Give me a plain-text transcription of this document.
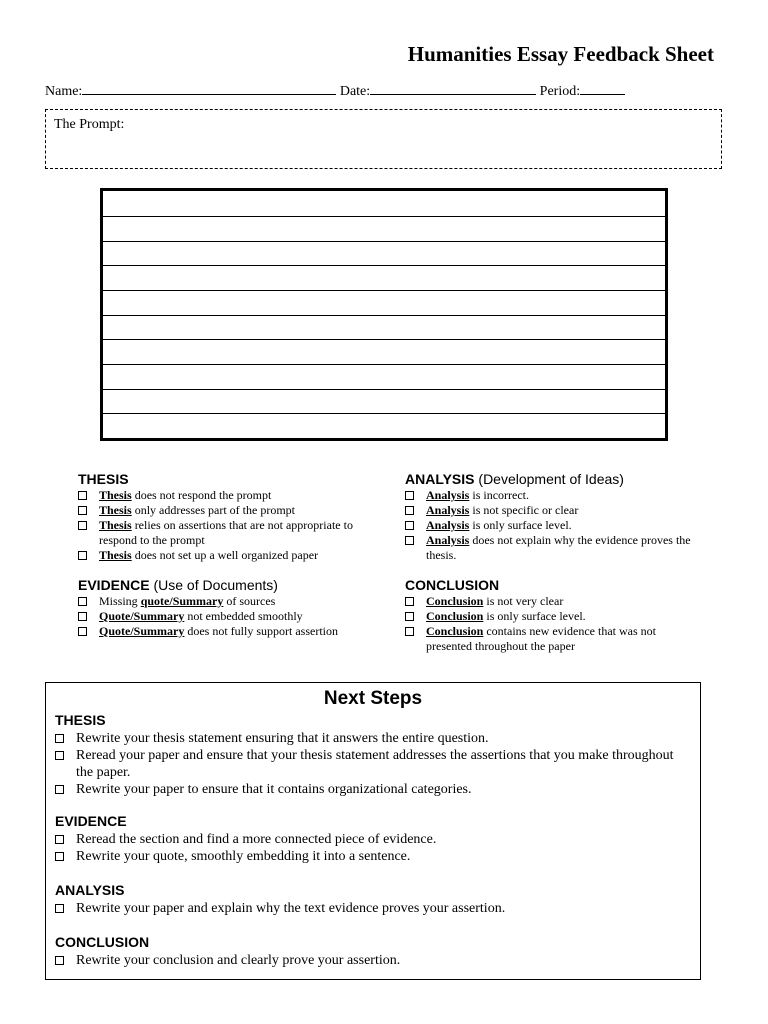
Humanities Essay Feedback Sheet
Name:	Date:	Period:
The Prompt:
THESIS
Thesis does not respond the prompt
Thesis only addresses part of the prompt
Thesis relies on assertions that are not appropriate to respond to the prompt
Thesis does not set up a well organized paper
ANALYSIS (Development of Ideas)
Analysis is incorrect.
Analysis is not specific or clear
Analysis is only surface level.
Analysis does not explain why the evidence proves the thesis.
EVIDENCE (Use of Documents)
Missing quote/Summary of sources
Quote/Summary not embedded smoothly
Quote/Summary does not fully support assertion
CONCLUSION
Conclusion is not very clear
Conclusion is only surface level.
Conclusion contains new evidence that was not presented throughout the paper
Next Steps
THESIS
Rewrite your thesis statement ensuring that it answers the entire question.
Reread your paper and ensure that your thesis statement addresses the assertions that you make throughout the paper.
Rewrite your paper to ensure that it contains organizational categories.
EVIDENCE
Reread the section and find a more connected piece of evidence.
Rewrite your quote, smoothly embedding it into a sentence.
ANALYSIS
Rewrite your paper and explain why the text evidence proves your assertion.
CONCLUSION
Rewrite your conclusion and clearly prove your assertion.
